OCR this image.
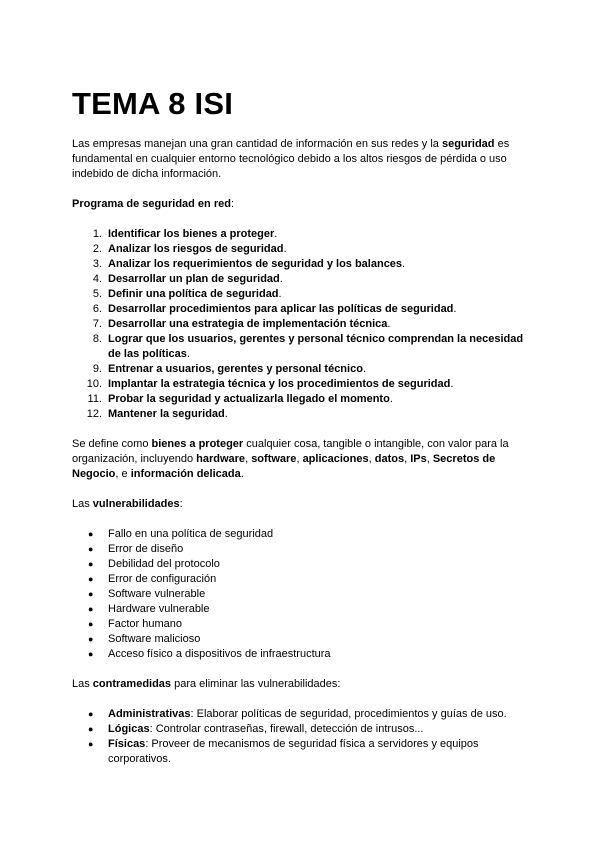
TEMA 8 ISI

Las empresas manejan una gran cantidad de información en sus redes y la seguridad es fundamental en cualquier entorno tecnológico debido a los altos riesgos de pérdida o uso indebido de dicha información.

Programa de seguridad en red:

1. Identificar los bienes a proteger.
2. Analizar los riesgos de seguridad.
3. Analizar los requerimientos de seguridad y los balances.
4. Desarrollar un plan de seguridad.
5. Definir una política de seguridad.
6. Desarrollar procedimientos para aplicar las políticas de seguridad.
7. Desarrollar una estrategia de implementación técnica.
8. Lograr que los usuarios, gerentes y personal técnico comprendan la necesidad de las políticas.
9. Entrenar a usuarios, gerentes y personal técnico.
10. Implantar la estrategia técnica y los procedimientos de seguridad.
11. Probar la seguridad y actualizarla llegado el momento.
12. Mantener la seguridad.

Se define como bienes a proteger cualquier cosa, tangible o intangible, con valor para la organización, incluyendo hardware, software, aplicaciones, datos, IPs, Secretos de Negocio, e información delicada.

Las vulnerabilidades:

● Fallo en una política de seguridad
● Error de diseño
● Debilidad del protocolo
● Error de configuración
● Software vulnerable
● Hardware vulnerable
● Factor humano
● Software malicioso
● Acceso físico a dispositivos de infraestructura

Las contramedidas para eliminar las vulnerabilidades:

● Administrativas: Elaborar políticas de seguridad, procedimientos y guías de uso.
● Lógicas: Controlar contraseñas, firewall, detección de intrusos...
● Físicas: Proveer de mecanismos de seguridad física a servidores y equipos corporativos.
